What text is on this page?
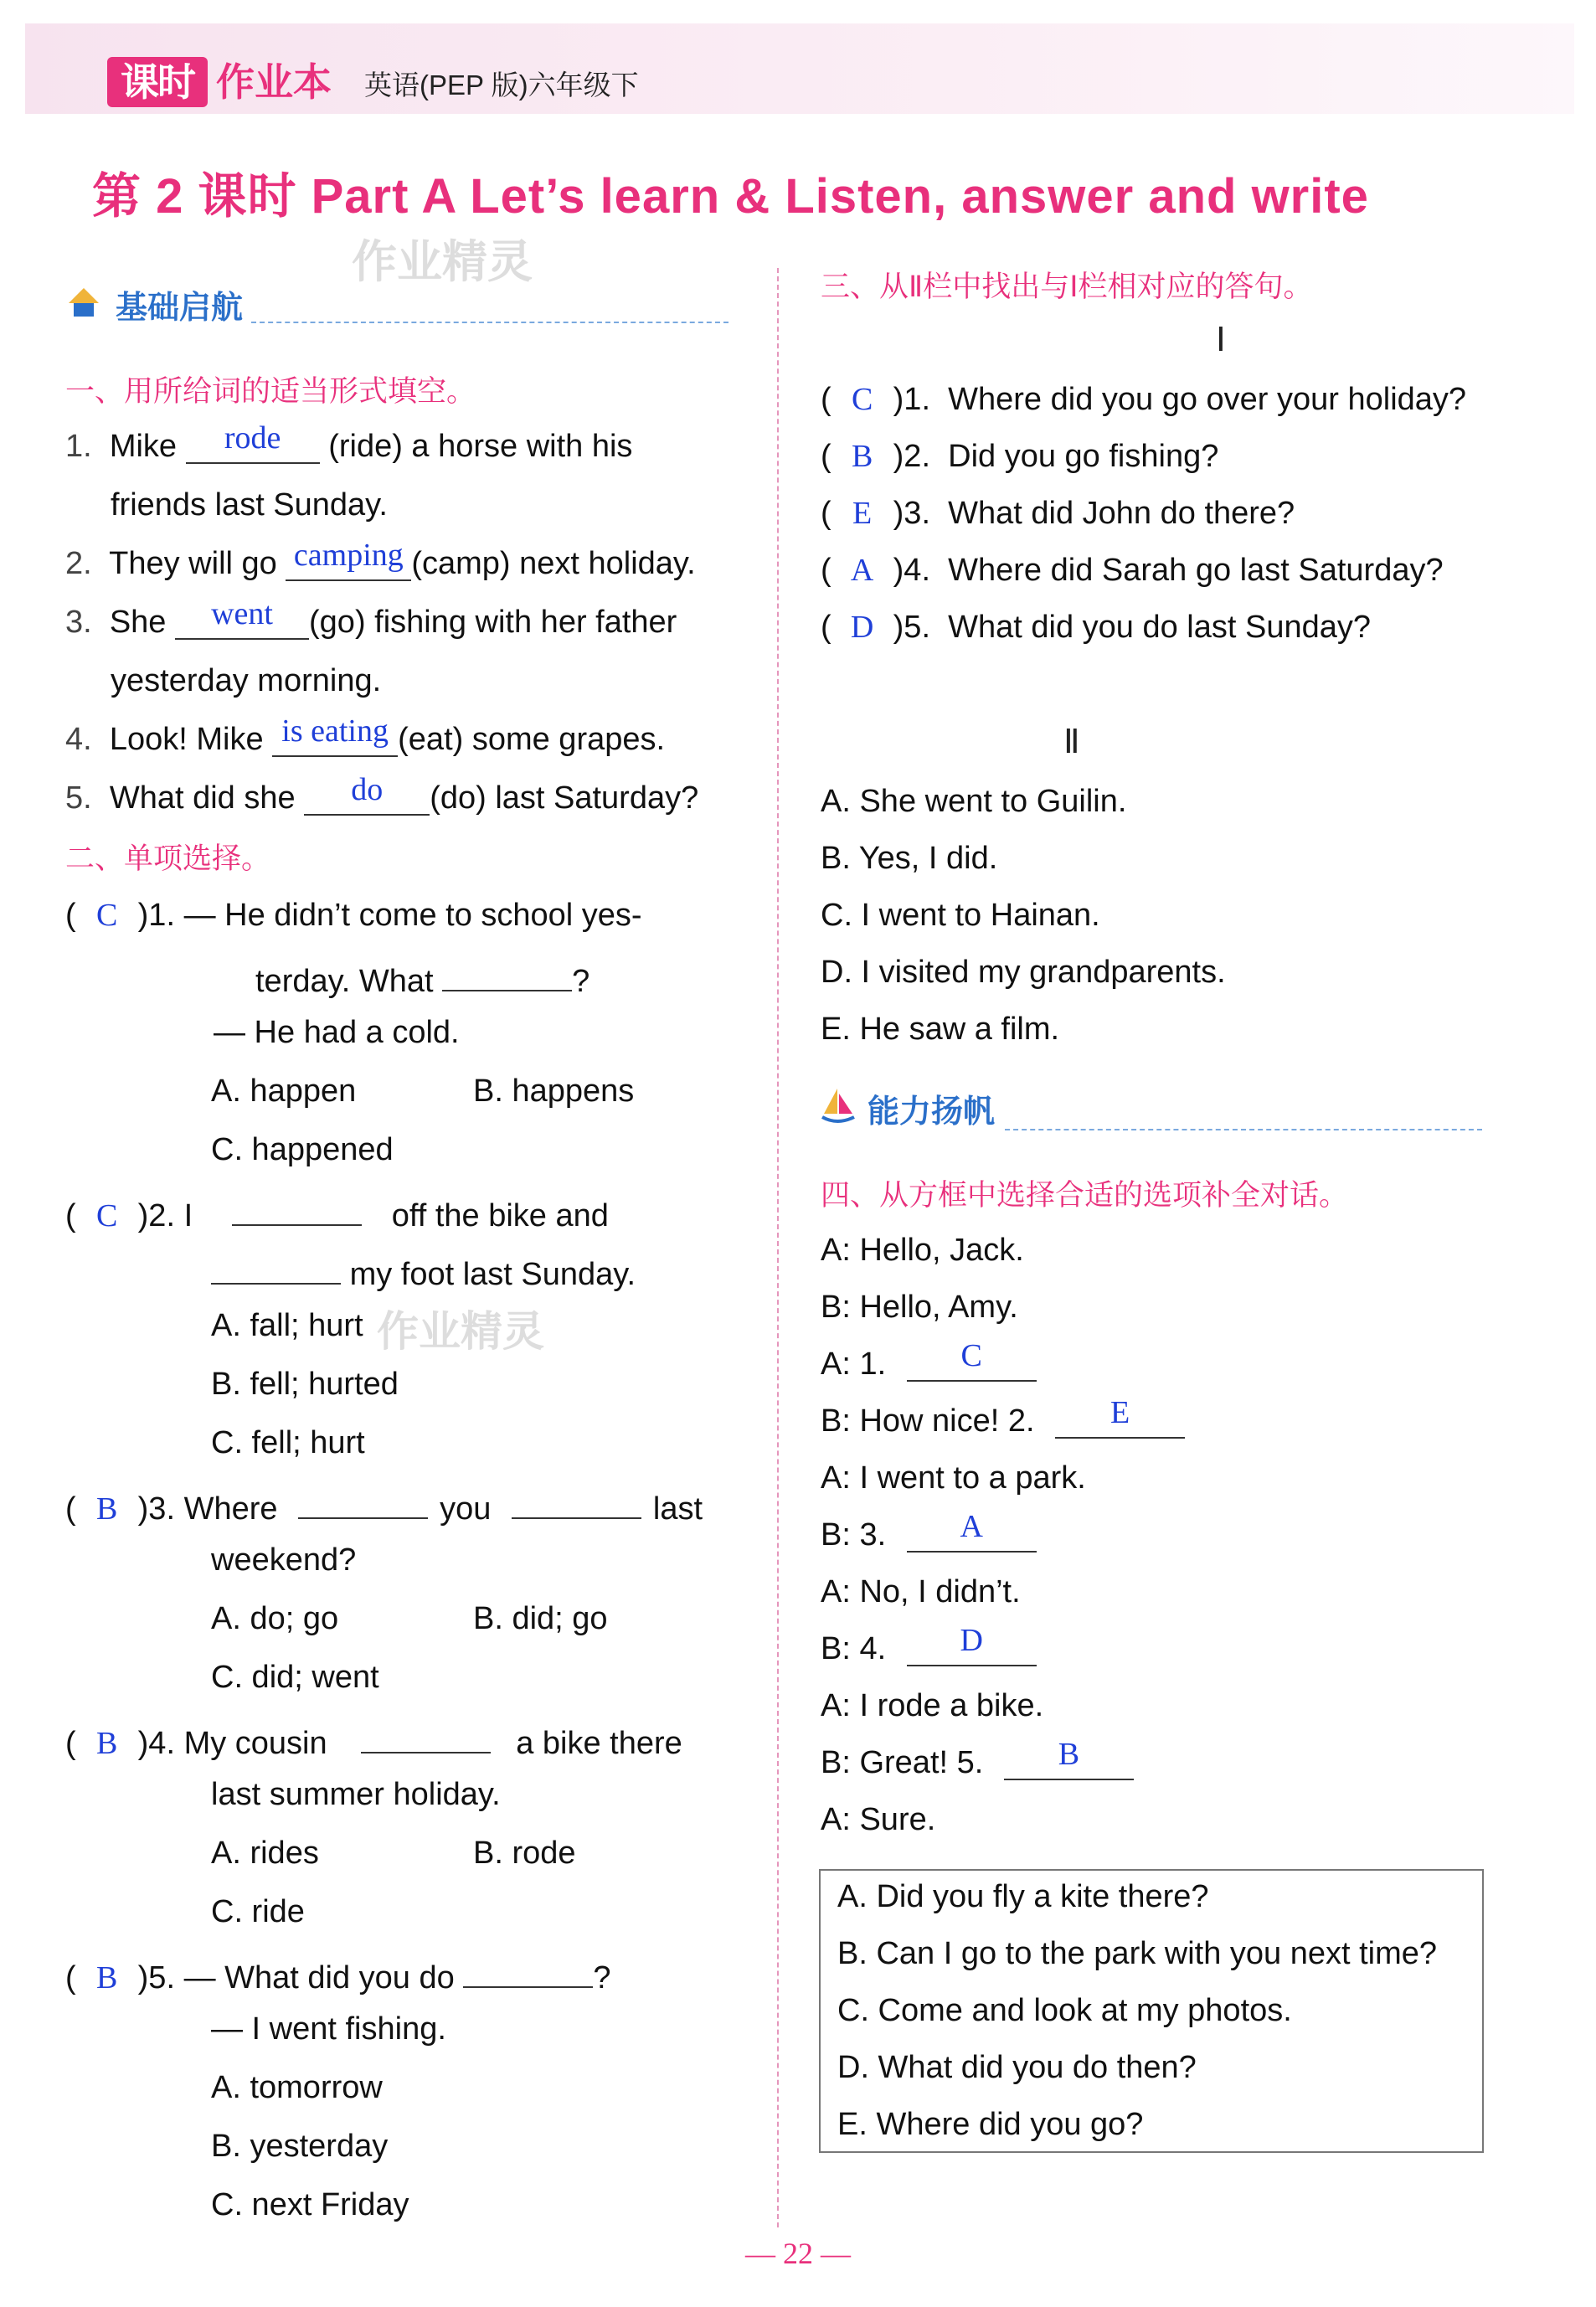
课时 作业本 英语(PEP 版)六年级下
第 2 课时 Part A Let’s learn & Listen, answer and write
作业精灵
作业精灵
基础启航
一、用所给词的适当形式填空。
1. Mike rode (ride) a horse with his
friends last Sunday.
2. They will go camping (camp) next holiday.
3. She went (go) fishing with her father
yesterday morning.
4. Look! Mike is eating (eat) some grapes.
5. What did she do (do) last Saturday?
二、单项选择。
( C )1. — He didn’t come to school yes-
terday. What	?
— He had a cold.
A. happen	B. happens
C. happened
( C )2. I	off the bike and
my foot last Sunday.
A. fall; hurt
B. fell; hurted
C. fell; hurt
( B )3. Where	you	last
weekend?
A. do; go	B. did; go
C. did; went
( B )4. My cousin	a bike there
last summer holiday.
A. rides	B. rode
C. ride
( B )5. — What did you do	?
— I went fishing.
A. tomorrow
B. yesterday
C. next Friday
三、从Ⅱ栏中找出与Ⅰ栏相对应的答句。
Ⅰ
( C )1. Where did you go over your holiday?
( B )2. Did you go fishing?
( E )3. What did John do there?
( A )4. Where did Sarah go last Saturday?
( D )5. What did you do last Sunday?
Ⅱ
A. She went to Guilin.
B. Yes, I did.
C. I went to Hainan.
D. I visited my grandparents.
E. He saw a film.
能力扬帆
四、从方框中选择合适的选项补全对话。
A: Hello, Jack.
B: Hello, Amy.
A: 1. C
B: How nice! 2. E
A: I went to a park.
B: 3. A
A: No, I didn’t.
B: 4. D
A: I rode a bike.
B: Great! 5. B
A: Sure.
A. Did you fly a kite there?
B. Can I go to the park with you next time?
C. Come and look at my photos.
D. What did you do then?
E. Where did you go?
— 22 —
